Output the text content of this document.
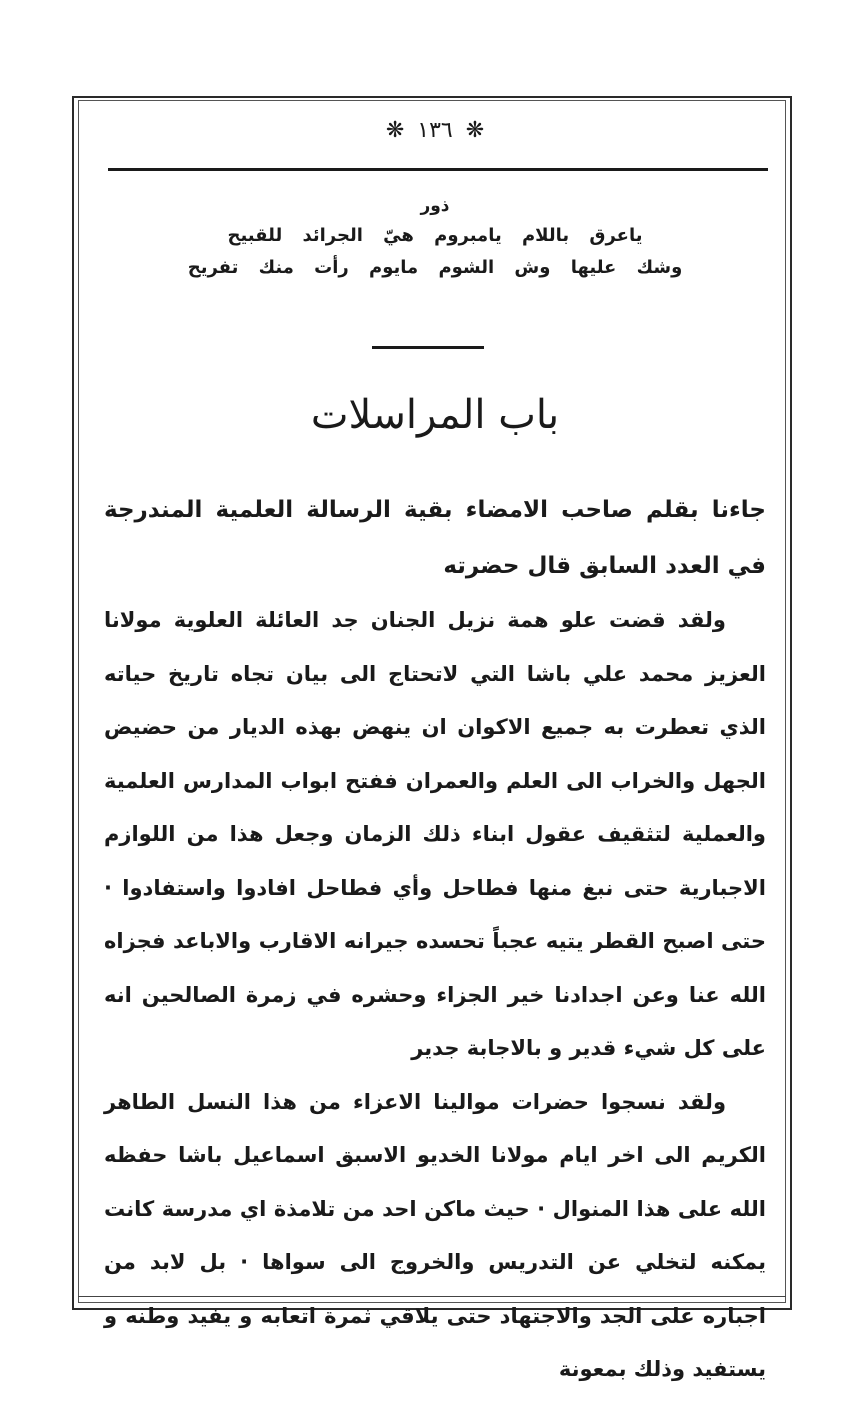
❋ ١٣٦ ❋
ذور
ياعرق باللام يامبروم هيّ الجرائد للقبيح
وشك عليها وش الشوم مايوم رأت منك تفريح
باب المراسلات

جاءنا بقلم صاحب الامضاء بقية الرسالة العلمية المندرجة في العدد السابق قال حضرته

ولقد قضت علو همة نزيل الجنان جد العائلة العلوية مولانا العزيز محمد علي باشا التي لاتحتاج الى بيان تجاه تاريخ حياته الذي تعطرت به جميع الاكوان ان ينهض بهذه الديار من حضيض الجهل والخراب الى العلم والعمران ففتح ابواب المدارس العلمية والعملية لتثقيف عقول ابناء ذلك الزمان وجعل هذا من اللوازم الاجبارية حتى نبغ منها فطاحل وأي فطاحل افادوا واستفادوا · حتى اصبح القطر يتيه عجباً تحسده جيرانه الاقارب والاباعد فجزاه الله عنا وعن اجدادنا خير الجزاء وحشره في زمرة الصالحين انه على كل شيء قدير و بالاجابة جدير

ولقد نسجوا حضرات موالينا الاعزاء من هذا النسل الطاهر الكريم الى اخر ايام مولانا الخديو الاسبق اسماعيل باشا حفظه الله على هذا المنوال · حيث ماكن احد من تلامذة اي مدرسة كانت يمكنه لتخلي عن التدريس والخروج الى سواها · بل لابد من اجباره على الجد والاجتهاد حتى يلاقي ثمرة اتعابه و يفيد وطنه و يستفيد وذلك بمعونة
